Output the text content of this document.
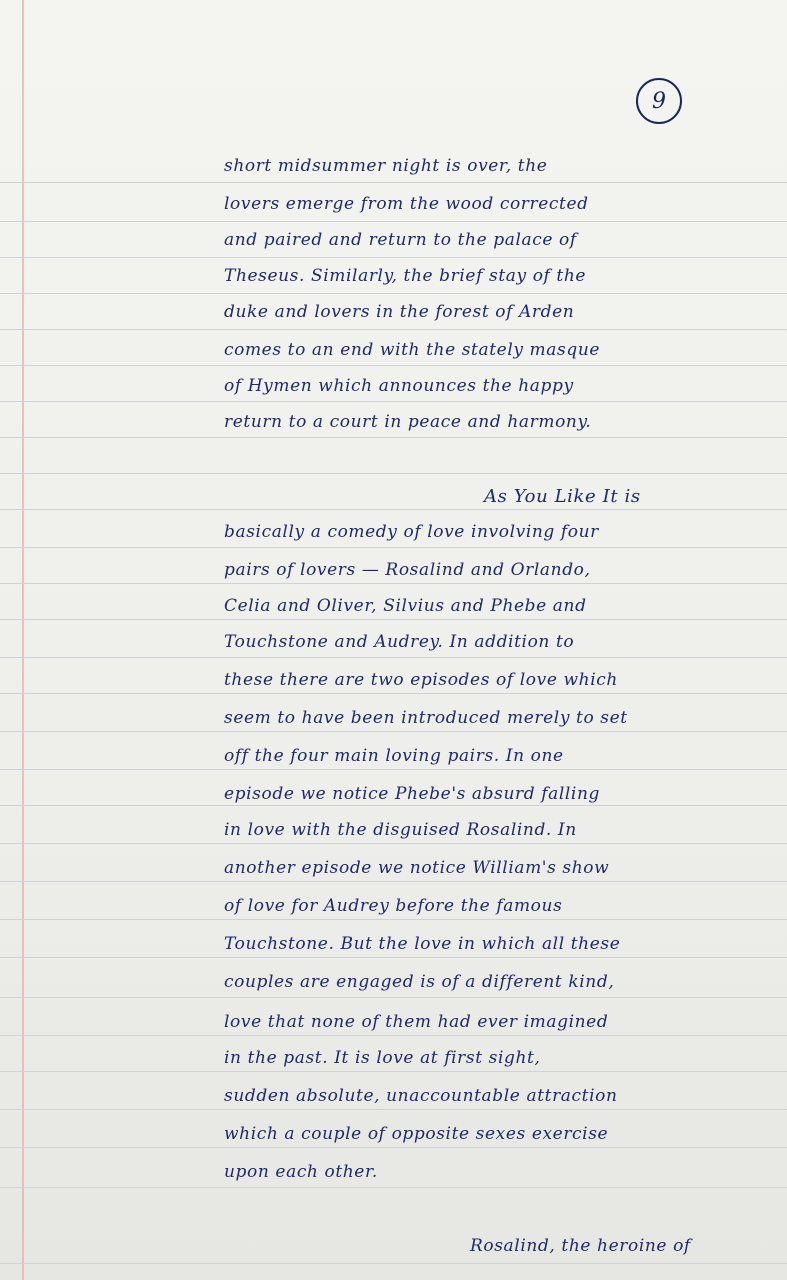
9
short midsummer night is over, the
lovers emerge from the wood corrected
and paired and return to the palace of
Theseus. Similarly, the brief stay of the
duke and lovers in the forest of Arden
comes to an end with the stately masque
of Hymen which announces the happy
return to a court in peace and harmony.
As You Like It is
basically a comedy of love involving four
pairs of lovers — Rosalind and Orlando,
Celia and Oliver, Silvius and Phebe and
Touchstone and Audrey. In addition to
these there are two episodes of love which
seem to have been introduced merely to set
off the four main loving pairs. In one
episode we notice Phebe's absurd falling
in love with the disguised Rosalind. In
another episode we notice William's show
of love for Audrey before the famous
Touchstone. But the love in which all these
couples are engaged is of a different kind,
love that none of them had ever imagined
in the past. It is love at first sight,
sudden absolute, unaccountable attraction
which a couple of opposite sexes exercise
upon each other.
Rosalind, the heroine of
